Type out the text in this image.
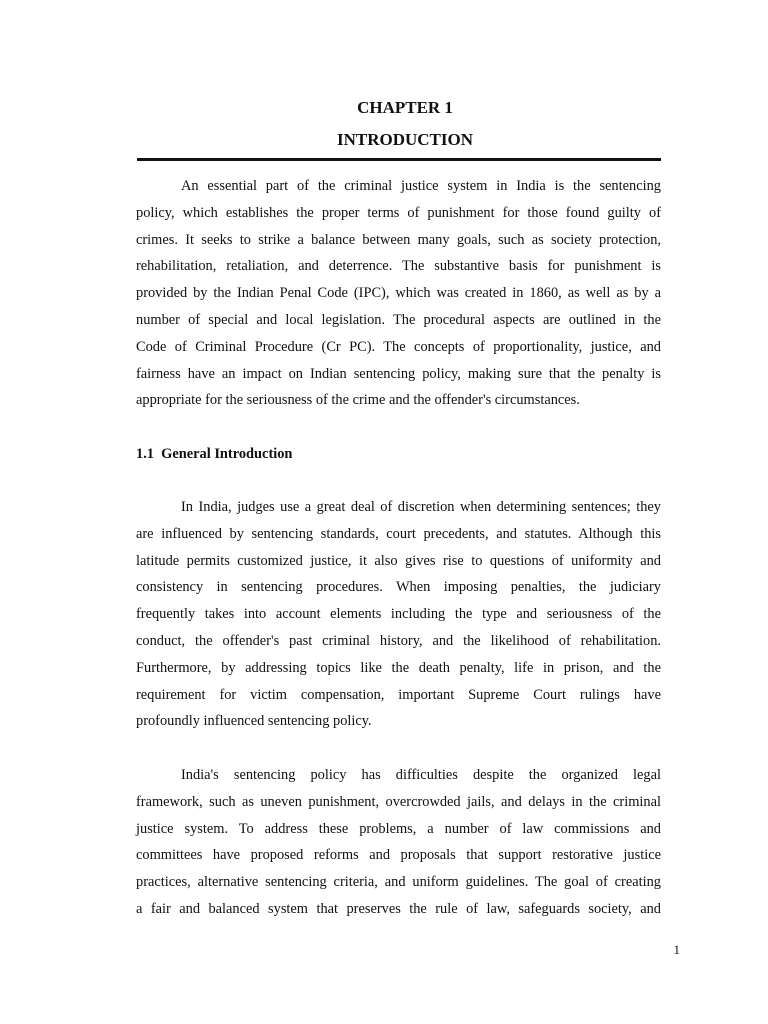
CHAPTER 1
INTRODUCTION
An essential part of the criminal justice system in India is the sentencing
policy, which establishes the proper terms of punishment for those found guilty of
crimes. It seeks to strike a balance between many goals, such as society protection,
rehabilitation, retaliation, and deterrence. The substantive basis for punishment is
provided by the Indian Penal Code (IPC), which was created in 1860, as well as by a
number of special and local legislation. The procedural aspects are outlined in the
Code of Criminal Procedure (Cr PC). The concepts of proportionality, justice, and
fairness have an impact on Indian sentencing policy, making sure that the penalty is
appropriate for the seriousness of the crime and the offender's circumstances.
1.1  General Introduction
In India, judges use a great deal of discretion when determining sentences; they
are influenced by sentencing standards, court precedents, and statutes. Although this
latitude permits customized justice, it also gives rise to questions of uniformity and
consistency in sentencing procedures. When imposing penalties, the judiciary
frequently takes into account elements including the type and seriousness of the
conduct, the offender's past criminal history, and the likelihood of rehabilitation.
Furthermore, by addressing topics like the death penalty, life in prison, and the
requirement for victim compensation, important Supreme Court rulings have
profoundly influenced sentencing policy.
India's sentencing policy has difficulties despite the organized legal
framework, such as uneven punishment, overcrowded jails, and delays in the criminal
justice system. To address these problems, a number of law commissions and
committees have proposed reforms and proposals that support restorative justice
practices, alternative sentencing criteria, and uniform guidelines. The goal of creating
a fair and balanced system that preserves the rule of law, safeguards society, and
1
